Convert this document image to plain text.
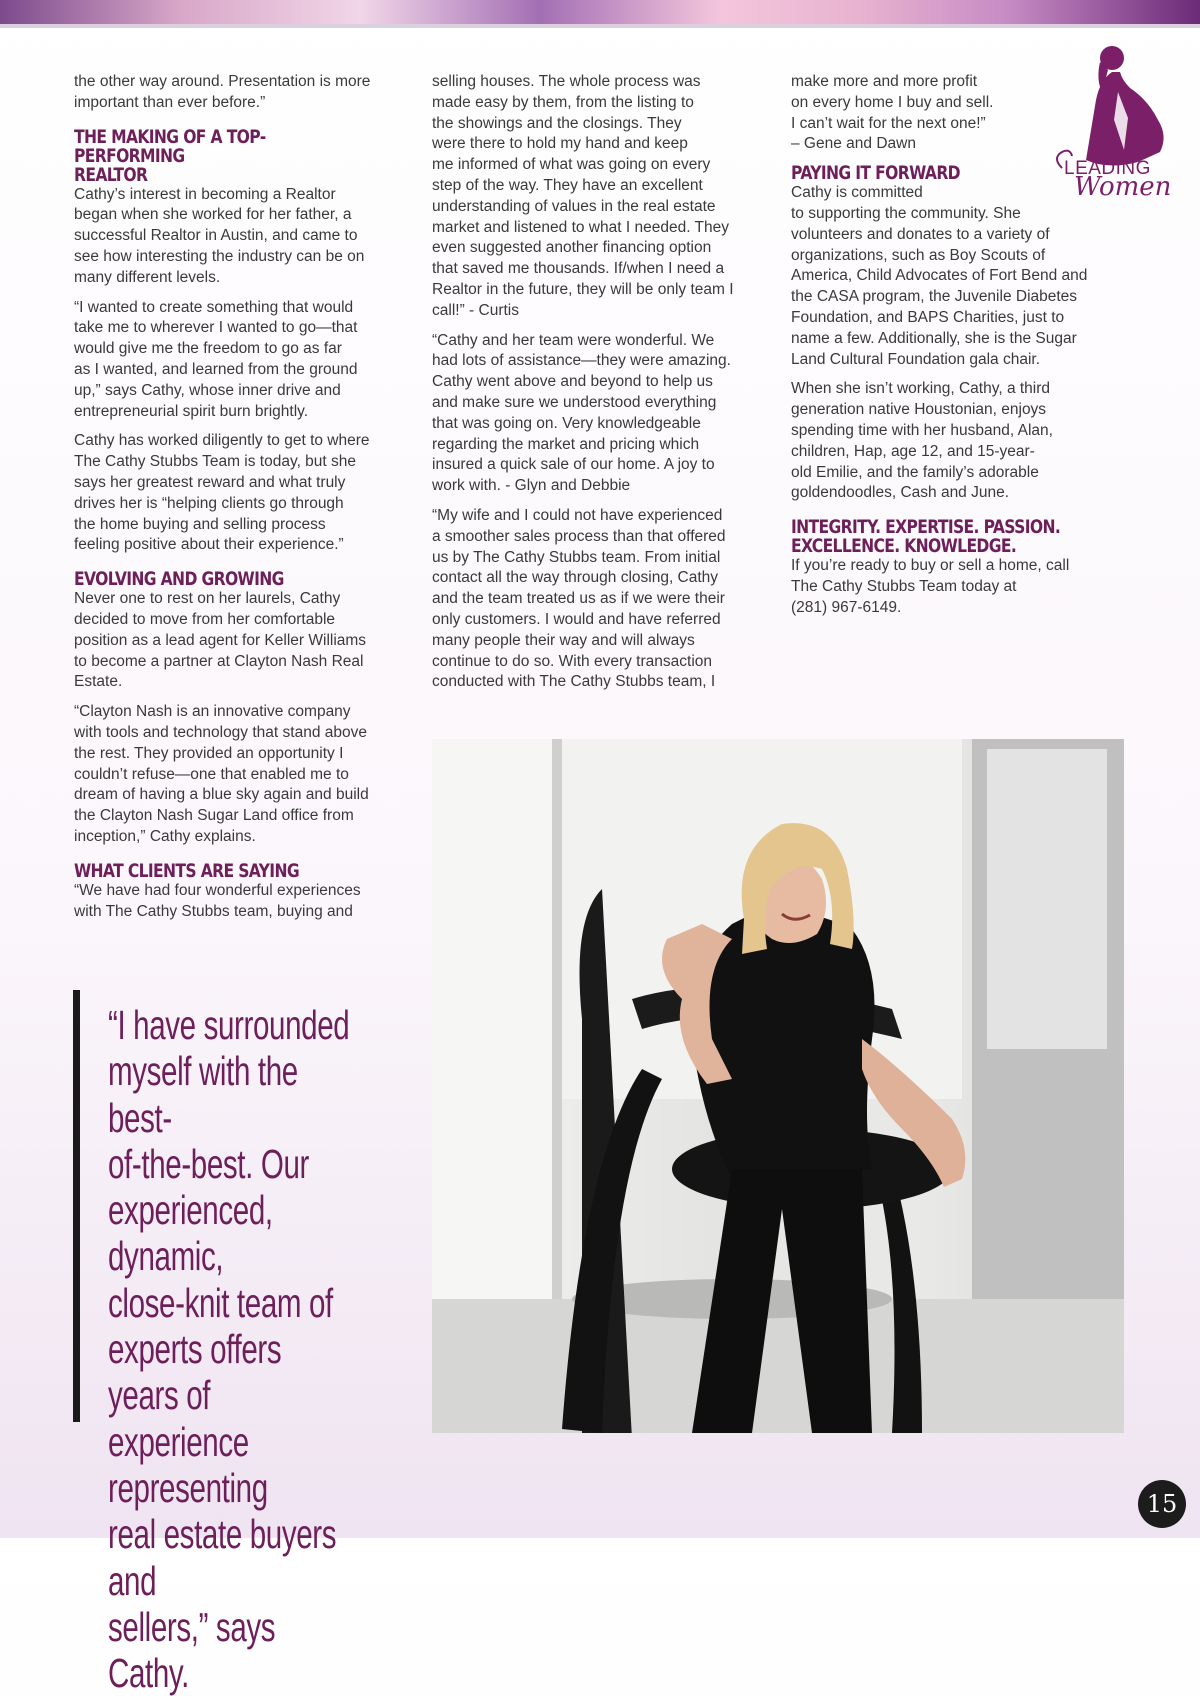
the other way around. Presentation is more
important than ever before.”

THE MAKING OF A TOP-PERFORMING
REALTOR

Cathy’s interest in becoming a Realtor
began when she worked for her father, a
successful Realtor in Austin, and came to
see how interesting the industry can be on
many different levels.

“I wanted to create something that would
take me to wherever I wanted to go—that
would give me the freedom to go as far
as I wanted, and learned from the ground
up,” says Cathy, whose inner drive and
entrepreneurial spirit burn brightly.

Cathy has worked diligently to get to where
The Cathy Stubbs Team is today, but she
says her greatest reward and what truly
drives her is “helping clients go through
the home buying and selling process
feeling positive about their experience.”

EVOLVING AND GROWING

Never one to rest on her laurels, Cathy
decided to move from her comfortable
position as a lead agent for Keller Williams
to become a partner at Clayton Nash Real
Estate.

“Clayton Nash is an innovative company
with tools and technology that stand above
the rest. They provided an opportunity I
couldn’t refuse—one that enabled me to
dream of having a blue sky again and build
the Clayton Nash Sugar Land office from
inception,” Cathy explains.

WHAT CLIENTS ARE SAYING

“We have had four wonderful experiences
with The Cathy Stubbs team, buying and

selling houses. The whole process was
made easy by them, from the listing to
the showings and the closings. They
were there to hold my hand and keep
me informed of what was going on every
step of the way. They have an excellent
understanding of values in the real estate
market and listened to what I needed. They
even suggested another financing option
that saved me thousands. If/when I need a
Realtor in the future, they will be only team I
call!” - Curtis

“Cathy and her team were wonderful. We
had lots of assistance—they were amazing.
Cathy went above and beyond to help us
and make sure we understood everything
that was going on. Very knowledgeable
regarding the market and pricing which
insured a quick sale of our home. A joy to
work with. - Glyn and Debbie

“My wife and I could not have experienced
a smoother sales process than that offered
us by The Cathy Stubbs team. From initial
contact all the way through closing, Cathy
and the team treated us as if we were their
only customers. I would and have referred
many people their way and will always
continue to do so. With every transaction
conducted with The Cathy Stubbs team, I

make more and more profit
on every home I buy and sell.
I can’t wait for the next one!”
– Gene and Dawn

PAYING IT FORWARD

Cathy is committed
to supporting the community. She
volunteers and donates to a variety of
organizations, such as Boy Scouts of
America, Child Advocates of Fort Bend and
the CASA program, the Juvenile Diabetes
Foundation, and BAPS Charities, just to
name a few. Additionally, she is the Sugar
Land Cultural Foundation gala chair.

When she isn’t working, Cathy, a third
generation native Houstonian, enjoys
spending time with her husband, Alan,
children, Hap, age 12, and 15-year-
old Emilie, and the family’s adorable
goldendoodles, Cash and June.

INTEGRITY. EXPERTISE. PASSION.
EXCELLENCE. KNOWLEDGE.

If you’re ready to buy or sell a home, call
The Cathy Stubbs Team today at
(281) 967-6149.

LEADING
Women
“I have surrounded
myself with the best-
of-the-best. Our
experienced, dynamic,
close-knit team of
experts offers years of
experience representing
real estate buyers and
sellers,” says Cathy.
15
